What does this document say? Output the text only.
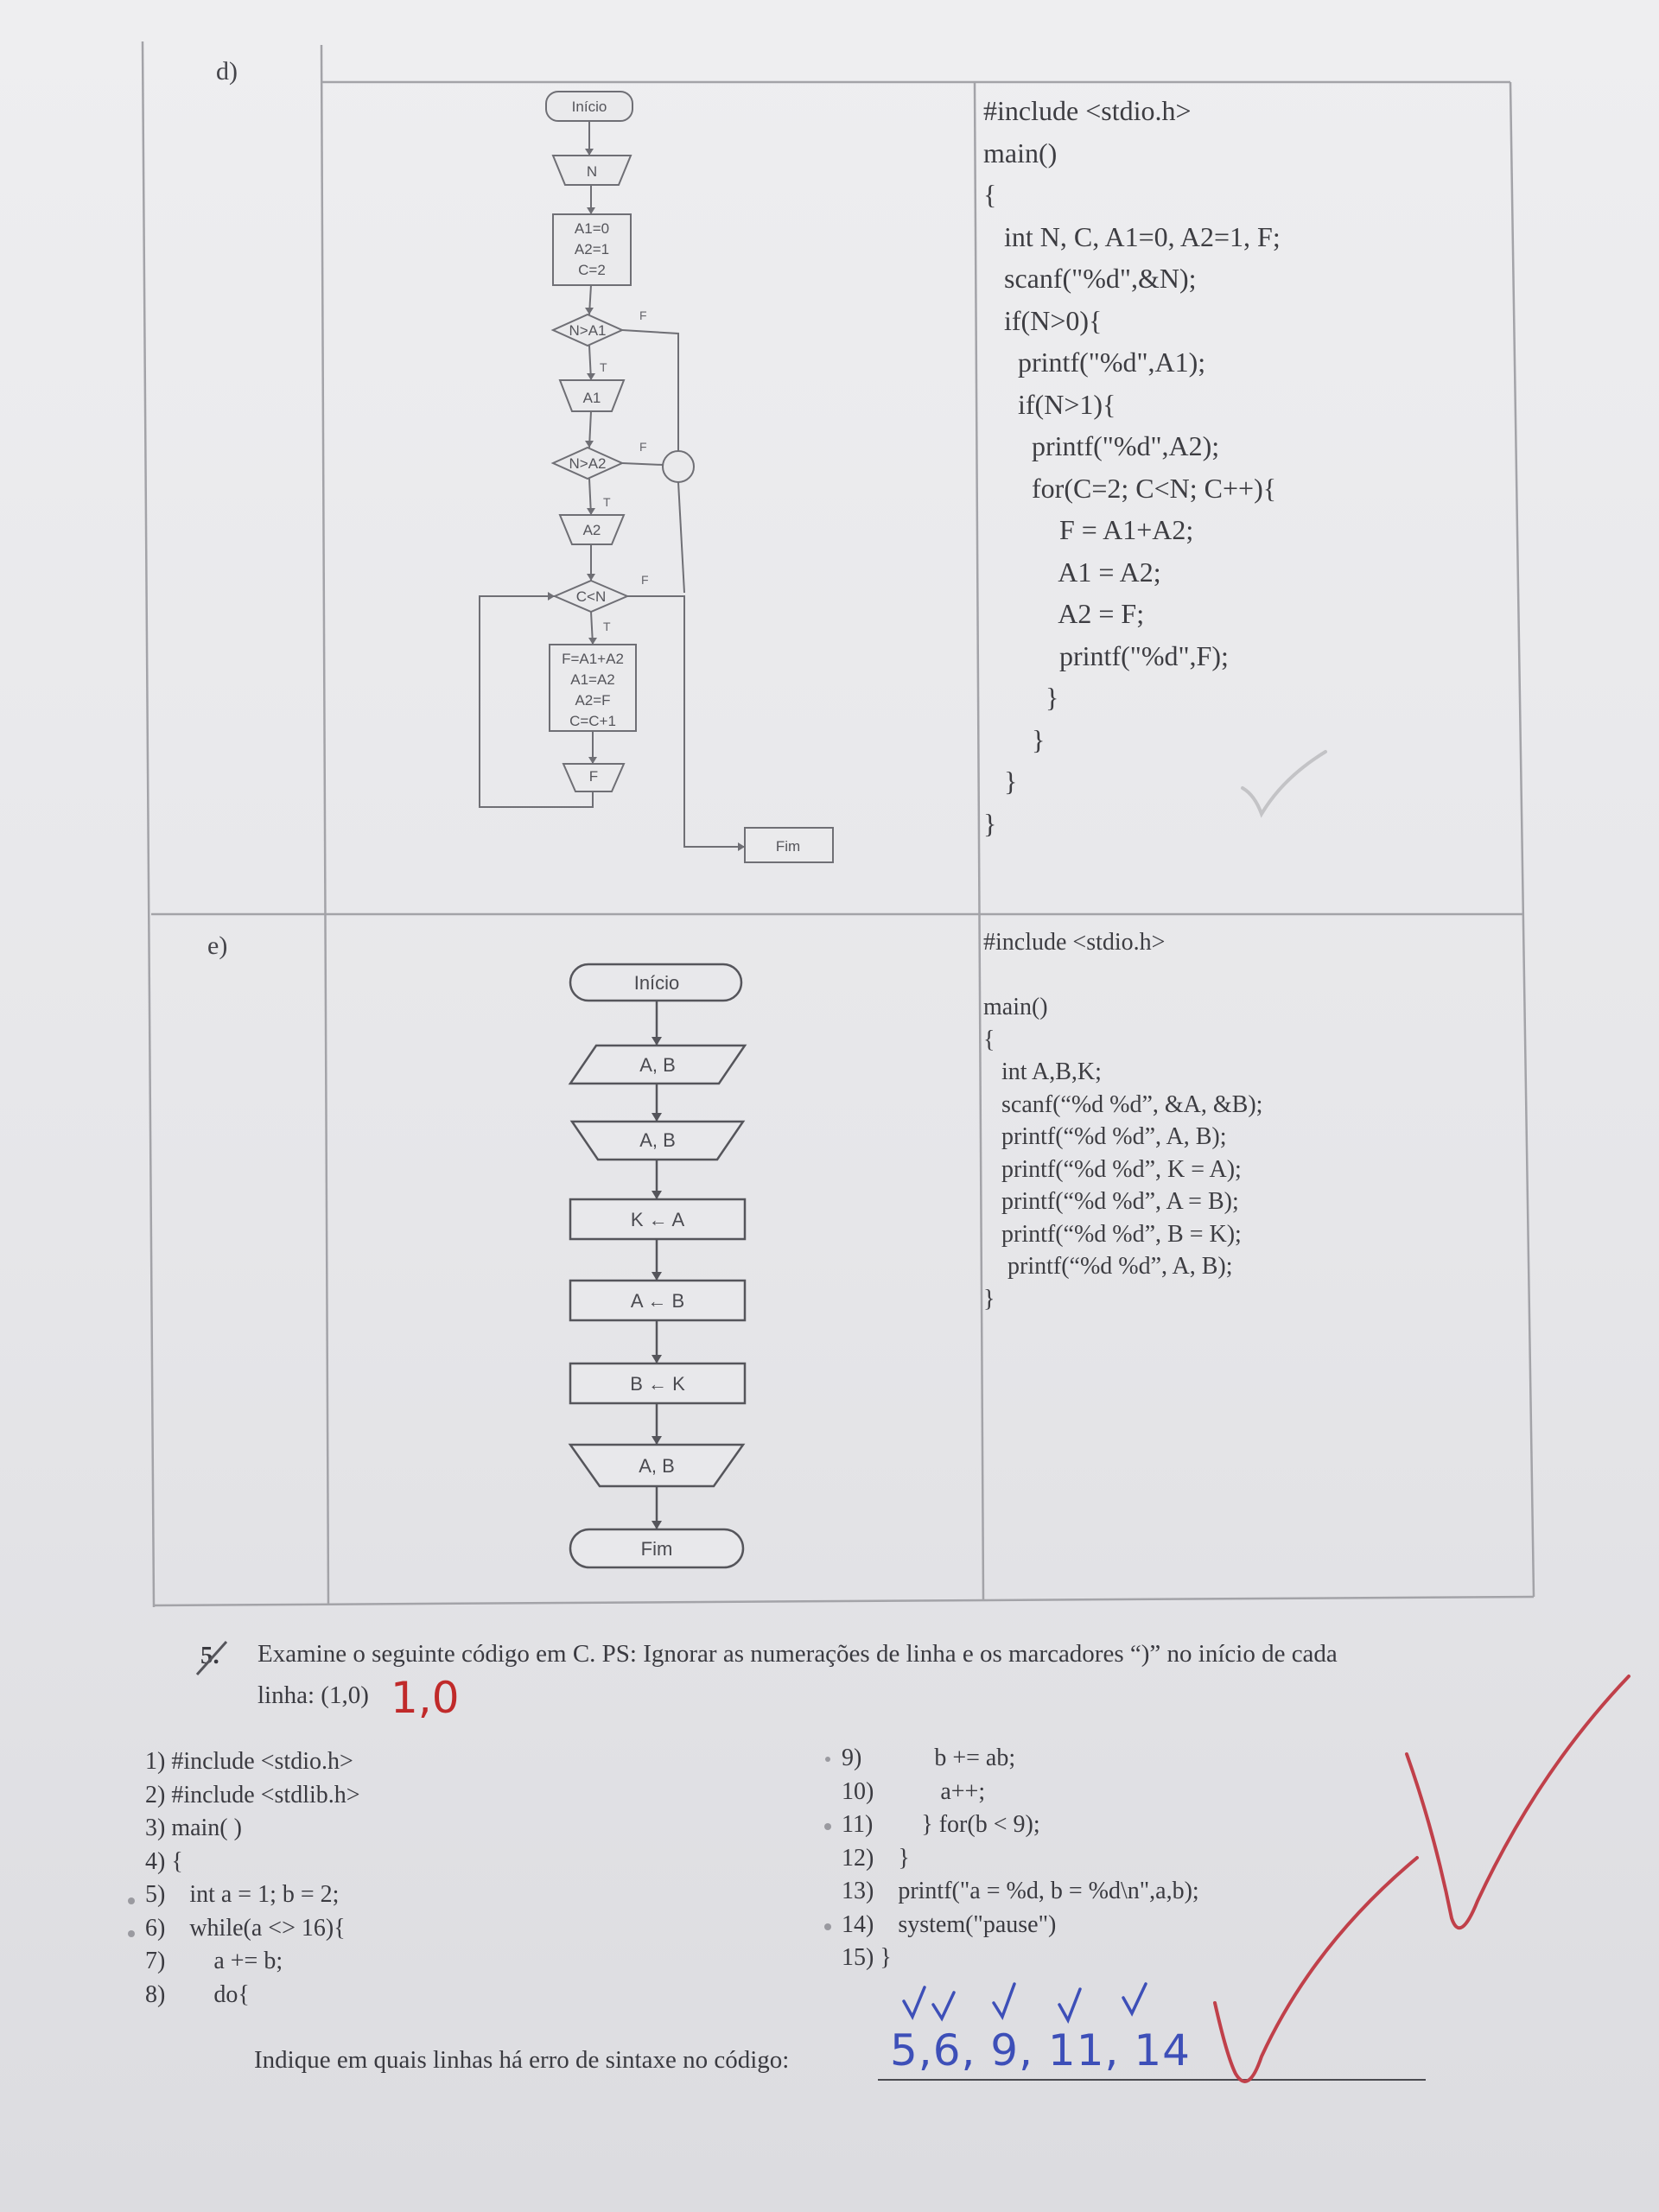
d)
Início
N
A1=0
A2=1
C=2
N>A1
A1
N>A2
A2
C<N
F=A1+A2
A1=A2
A2=F
C=C+1
F
Fim
F
T
F
T
F
T
#include <stdio.h>
main()
{
int N, C, A1=0, A2=1, F;
scanf("%d",&N);
if(N>0){
printf("%d",A1);
if(N>1){
printf("%d",A2);
for(C=2; C<N; C++){
F = A1+A2;
A1 = A2;
A2 = F;
printf("%d",F);
}
}
}
}
e)
Início
A, B
A, B
K ← A
A ← B
B ← K
A, B
Fim
#include <stdio.h>

main()
{
int A,B,K;
scanf(“%d %d”, &A, &B);
printf(“%d %d”, A, B);
printf(“%d %d”, K = A);
printf(“%d %d”, A = B);
printf(“%d %d”, B = K);
printf(“%d %d”, A, B);
}
5. Examine o seguinte código em C. PS: Ignorar as numerações de linha e os marcadores “)” no início de cada
linha: (1,0) 1,0
1) #include <stdio.h>
2) #include <stdlib.h>
3) main( )
4) {
5)    int a = 1; b = 2;
6)    while(a <> 16){
7)        a += b;
8)        do{
9)            b += ab;
10)           a++;
11)        } for(b < 9);
12)    }
13)    printf("a = %d, b = %d\n",a,b);
14)    system("pause")
15) }
Indique em quais linhas há erro de sintaxe no código: 5,6, 9, 11, 14
